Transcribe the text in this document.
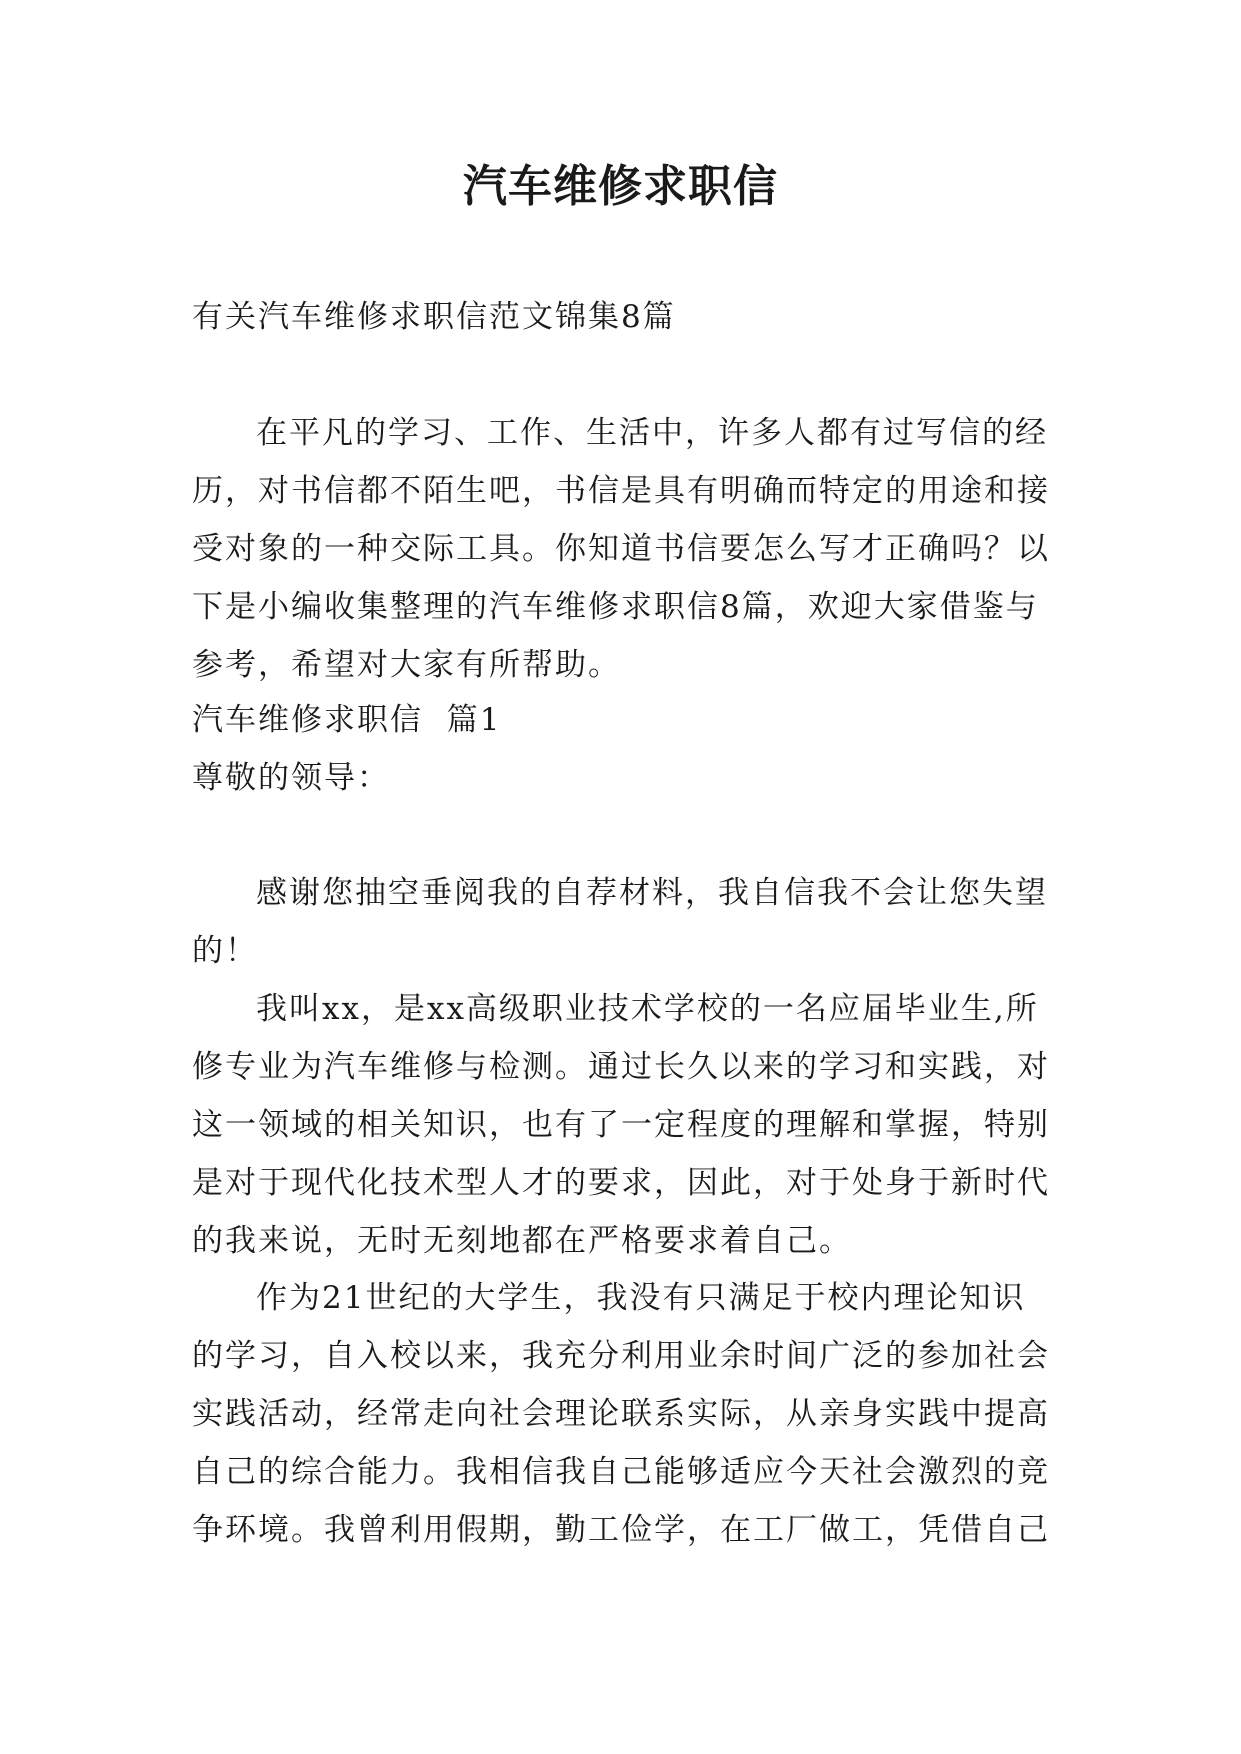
汽车维修求职信
有关汽车维修求职信范文锦集8篇
在平凡的学习、工作、生活中，许多人都有过写信的经历，对书信都不陌生吧，书信是具有明确而特定的用途和接受对象的一种交际工具。你知道书信要怎么写才正确吗？以下是小编收集整理的汽车维修求职信8篇，欢迎大家借鉴与参考，希望对大家有所帮助。
汽车维修求职信  篇1
尊敬的领导：
感谢您抽空垂阅我的自荐材料，我自信我不会让您失望的！
我叫xx，是xx高级职业技术学校的一名应届毕业生,所修专业为汽车维修与检测。通过长久以来的学习和实践，对这一领域的相关知识，也有了一定程度的理解和掌握，特别是对于现代化技术型人才的要求，因此，对于处身于新时代的我来说，无时无刻地都在严格要求着自己。
作为21世纪的大学生，我没有只满足于校内理论知识的学习，自入校以来，我充分利用业余时间广泛的参加社会实践活动，经常走向社会理论联系实际，从亲身实践中提高自己的综合能力。我相信我自己能够适应今天社会激烈的竞争环境。我曾利用假期，勤工俭学，在工厂做工，凭借自己
